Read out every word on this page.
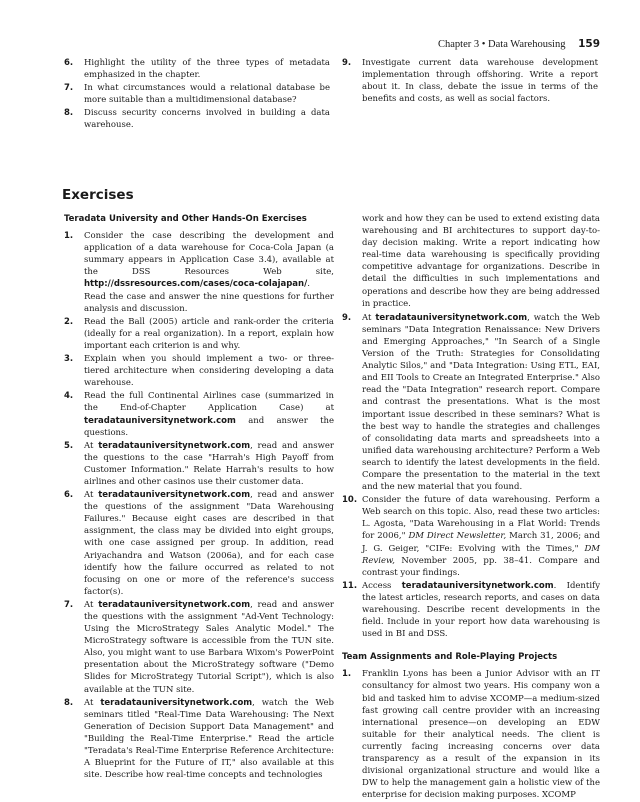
Chapter 3 • Data Warehousing 159
6. Highlight the utility of the three types of metadata emphasized in the chapter.
7. In what circumstances would a relational database be more suitable than a multidimensional database?
8. Discuss security concerns involved in building a data warehouse.
9. Investigate current data warehouse development implementation through offshoring. Write a report about it. In class, debate the issue in terms of the benefits and costs, as well as social factors.
Exercises
Teradata University and Other Hands-On Exercises
1. Consider the case describing the development and application of a data warehouse for Coca-Cola Japan (a summary appears in Application Case 3.4), available at the DSS Resources Web site, http://dssresources.com/cases/coca-colajapan/. Read the case and answer the nine questions for further analysis and discussion.
2. Read the Ball (2005) article and rank-order the criteria (ideally for a real organization). In a report, explain how important each criterion is and why.
3. Explain when you should implement a two- or three-tiered architecture when considering developing a data warehouse.
4. Read the full Continental Airlines case (summarized in the End-of-Chapter Application Case) at teradatauniversitynetwork.com and answer the questions.
5. At teradatauniversitynetwork.com, read and answer the questions to the case "Harrah's High Payoff from Customer Information." Relate Harrah's results to how airlines and other casinos use their customer data.
6. At teradatauniversitynetwork.com, read and answer the questions of the assignment "Data Warehousing Failures." Because eight cases are described in that assignment, the class may be divided into eight groups, with one case assigned per group. In addition, read Ariyachandra and Watson (2006a), and for each case identify how the failure occurred as related to not focusing on one or more of the reference's success factor(s).
7. At teradatauniversitynetwork.com, read and answer the questions with the assignment "Ad-Vent Technology: Using the MicroStrategy Sales Analytic Model." The MicroStrategy software is accessible from the TUN site. Also, you might want to use Barbara Wixom's PowerPoint presentation about the MicroStrategy software ("Demo Slides for MicroStrategy Tutorial Script"), which is also available at the TUN site.
8. At teradatauniversitynetwork.com, watch the Web seminars titled "Real-Time Data Warehousing: The Next Generation of Decision Support Data Management" and "Building the Real-Time Enterprise." Read the article "Teradata's Real-Time Enterprise Reference Architecture: A Blueprint for the Future of IT," also available at this site. Describe how real-time concepts and technologies
work and how they can be used to extend existing data warehousing and BI architectures to support day-to-day decision making. Write a report indicating how real-time data warehousing is specifically providing competitive advantage for organizations. Describe in detail the difficulties in such implementations and operations and describe how they are being addressed in practice.
9. At teradatauniversitynetwork.com, watch the Web seminars "Data Integration Renaissance: New Drivers and Emerging Approaches," "In Search of a Single Version of the Truth: Strategies for Consolidating Analytic Silos," and "Data Integration: Using ETL, EAI, and EII Tools to Create an Integrated Enterprise." Also read the "Data Integration" research report. Compare and contrast the presentations. What is the most important issue described in these seminars? What is the best way to handle the strategies and challenges of consolidating data marts and spreadsheets into a unified data warehousing architecture? Perform a Web search to identify the latest developments in the field. Compare the presentation to the material in the text and the new material that you found.
10. Consider the future of data warehousing. Perform a Web search on this topic. Also, read these two articles: L. Agosta, "Data Warehousing in a Flat World: Trends for 2006," DM Direct Newsletter, March 31, 2006; and J. G. Geiger, "CIFe: Evolving with the Times," DM Review, November 2005, pp. 38–41. Compare and contrast your findings.
11. Access teradatauniversitynetwork.com. Identify the latest articles, research reports, and cases on data warehousing. Describe recent developments in the field. Include in your report how data warehousing is used in BI and DSS.
Team Assignments and Role-Playing Projects
1. Franklin Lyons has been a Junior Advisor with an IT consultancy for almost two years. His company won a bid and tasked him to advise XCOMP—a medium-sized fast growing call centre provider with an increasing international presence—on developing an EDW suitable for their analytical needs. The client is currently facing increasing concerns over data transparency as a result of the expansion in its divisional organizational structure and would like a DW to help the management gain a holistic view of the enterprise for decision making purposes. XCOMP
